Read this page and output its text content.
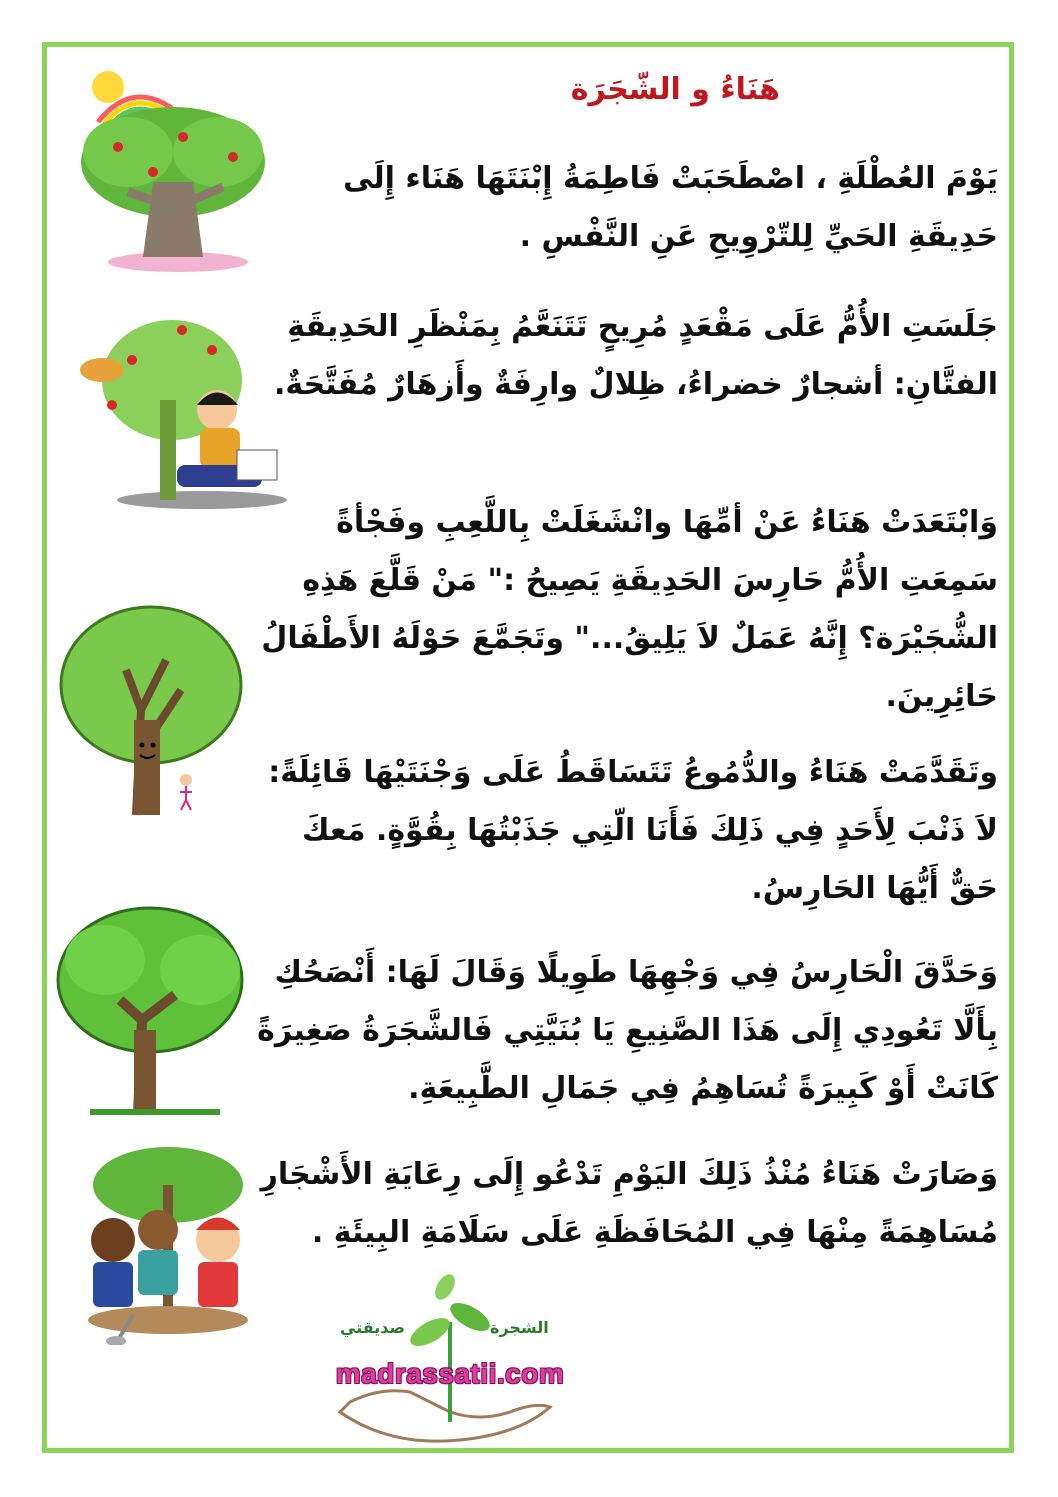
هَنَاءُ و الشّجَرَة

يَوْمَ العُطْلَةِ ، اصْطَحَبَتْ فَاطِمَةُ إِبْنَتَهَا هَنَاء إِلَى حَدِيقَةِ الحَيِّ لِلتّرْوِيحِ عَنِ النَّفْسِ .

جَلَسَتِ الأُمُّ عَلَى مَقْعَدٍ مُرِيحٍ تَتَنَعَّمُ بِمَنْظَرِ الحَدِيقَةِ الفتَّانِ: أشجارٌ خضراءُ، ظِلالٌ وارِفَةٌ وأَزهَارٌ مُفَتَّحَةٌ.

وَابْتَعَدَتْ هَنَاءُ عَنْ أمِّهَا وانْشَغَلَتْ بِاللَّعِبِ وفَجْأةً سَمِعَتِ الأُمُّ حَارِسَ الحَدِيقَةِ يَصِيحُ :" مَنْ قَلَّعَ هَذِهِ الشُّجَيْرَة؟ إِنَّهُ عَمَلٌ لاَ يَلِيقُ..." وتَجَمَّعَ حَوْلَهُ الأَطْفَالُ حَائِرِينَ.

وتَقَدَّمَتْ هَنَاءُ والدُّمُوعُ تَتَسَاقَطُ عَلَى وَجْنَتَيْهَا قَائِلَةً: لاَ ذَنْبَ لِأَحَدٍ فِي ذَلِكَ فَأَنَا الّتِي جَذَبْتُهَا بِقُوَّةٍ. مَعكَ حَقٌّ أَيُّهَا الحَارِسُ.

وَحَدَّقَ الْحَارِسُ فِي وَجْهِهَا طَوِيلًا وَقَالَ لَهَا: أَنْصَحُكِ بِأَلَّا تَعُودِي إِلَى هَذَا الصَّنِيعِ يَا بُنَيَّتِي فَالشَّجَرَةُ صَغِيرَةً كَانَتْ أَوْ كَبِيرَةً تُسَاهِمُ فِي جَمَالِ الطَّبِيعَةِ.

وَصَارَتْ هَنَاءُ مُنْذُ ذَلِكَ اليَوْمِ تَدْعُو إِلَى رِعَايَةِ الأَشْجَارِ مُسَاهِمَةً مِنْهَا فِي المُحَافَظَةِ عَلَى سَلَامَةِ البِيئَةِ .

صديقتي	الشجرة
madrassatii.com
